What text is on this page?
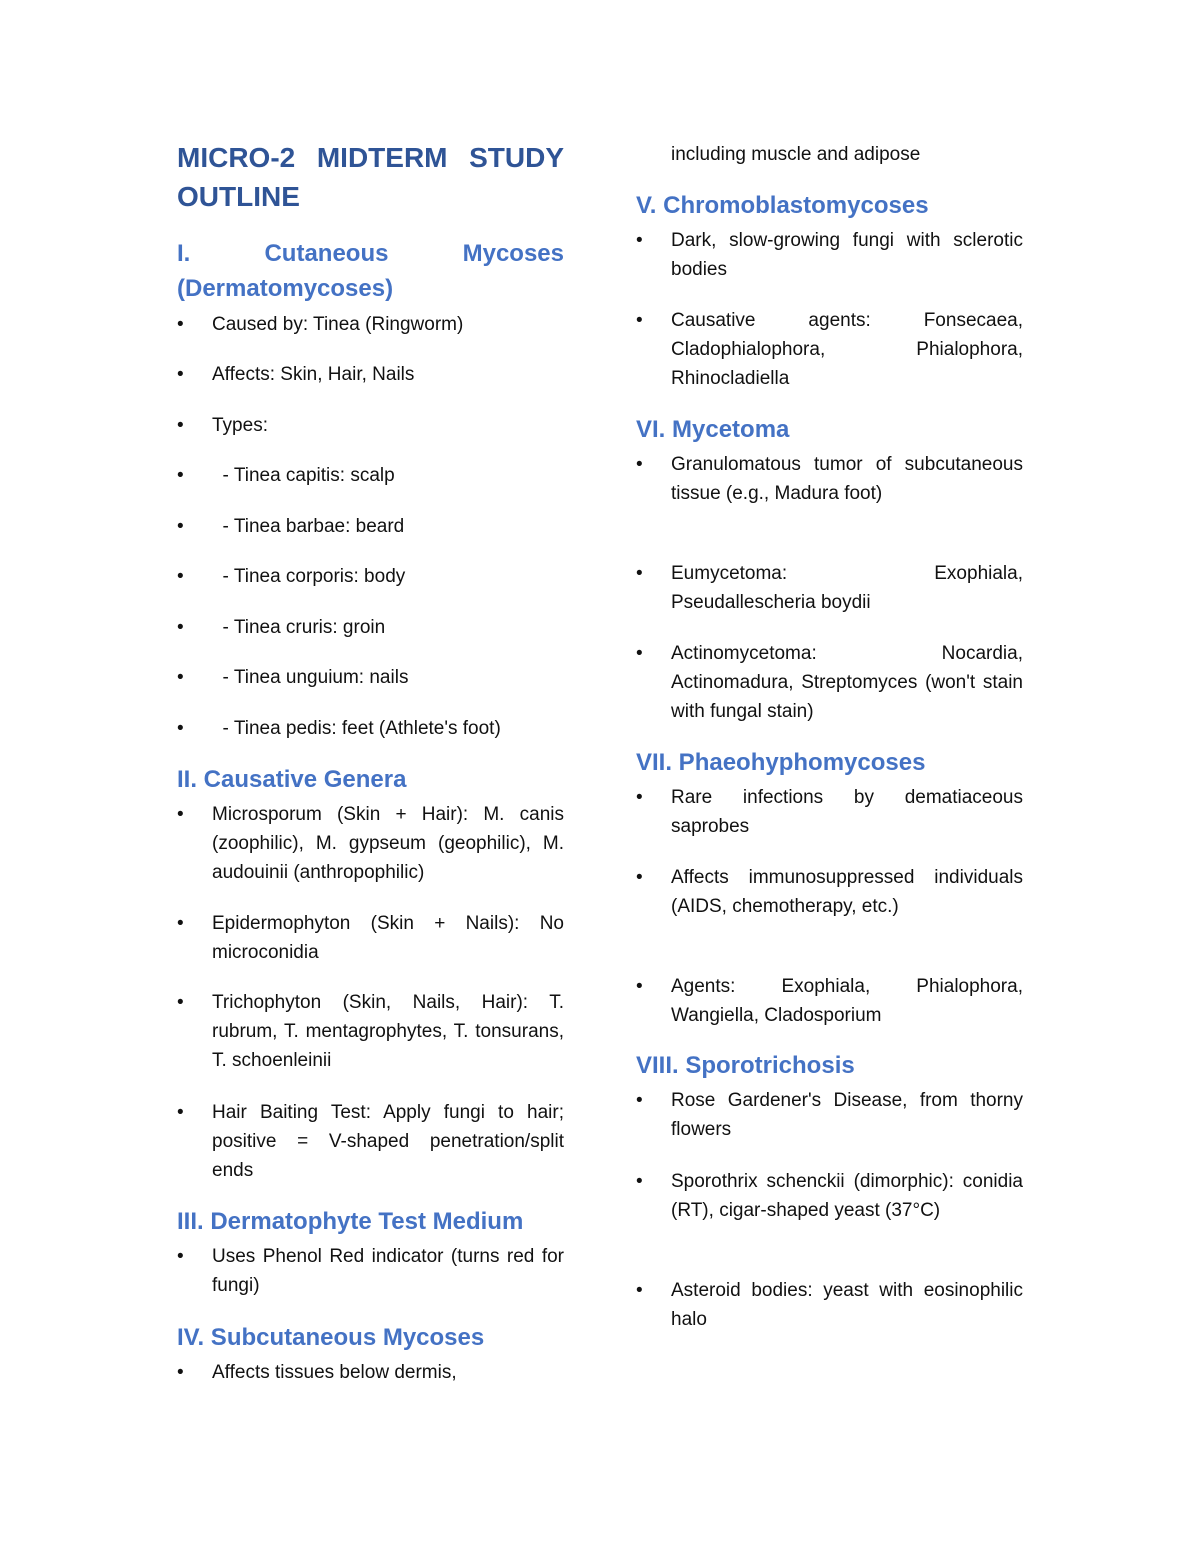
MICRO-2 MIDTERM STUDY OUTLINE
I. Cutaneous Mycoses (Dermatomycoses)

• Caused by: Tinea (Ringworm)

• Affects: Skin, Hair, Nails

• Types:

•   - Tinea capitis: scalp

•   - Tinea barbae: beard

•   - Tinea corporis: body

•   - Tinea cruris: groin

•   - Tinea unguium: nails

•   - Tinea pedis: feet (Athlete's foot)

II. Causative Genera

• Microsporum (Skin + Hair): M. canis (zoophilic), M. gypseum (geophilic), M. audouinii (anthropophilic)

• Epidermophyton (Skin + Nails): No microconidia

• Trichophyton (Skin, Nails, Hair): T. rubrum, T. mentagrophytes, T. tonsurans, T. schoenleinii

• Hair Baiting Test: Apply fungi to hair; positive = V-shaped penetration/split ends

III. Dermatophyte Test Medium

• Uses Phenol Red indicator (turns red for fungi)

IV. Subcutaneous Mycoses

• Affects tissues below dermis,

including muscle and adipose

V. Chromoblastomycoses

• Dark, slow-growing fungi with sclerotic bodies

• Causative agents: Fonsecaea, Cladophialophora, Phialophora, Rhinocladiella

VI. Mycetoma

• Granulomatous tumor of subcutaneous tissue (e.g., Madura foot)

• Eumycetoma: Exophiala, Pseudallescheria boydii

• Actinomycetoma: Nocardia, Actinomadura, Streptomyces (won't stain with fungal stain)

VII. Phaeohyphomycoses

• Rare infections by dematiaceous saprobes

• Affects immunosuppressed individuals (AIDS, chemotherapy, etc.)

• Agents: Exophiala, Phialophora, Wangiella, Cladosporium

VIII. Sporotrichosis

• Rose Gardener's Disease, from thorny flowers

• Sporothrix schenckii (dimorphic): conidia (RT), cigar-shaped yeast (37°C)

• Asteroid bodies: yeast with eosinophilic halo
